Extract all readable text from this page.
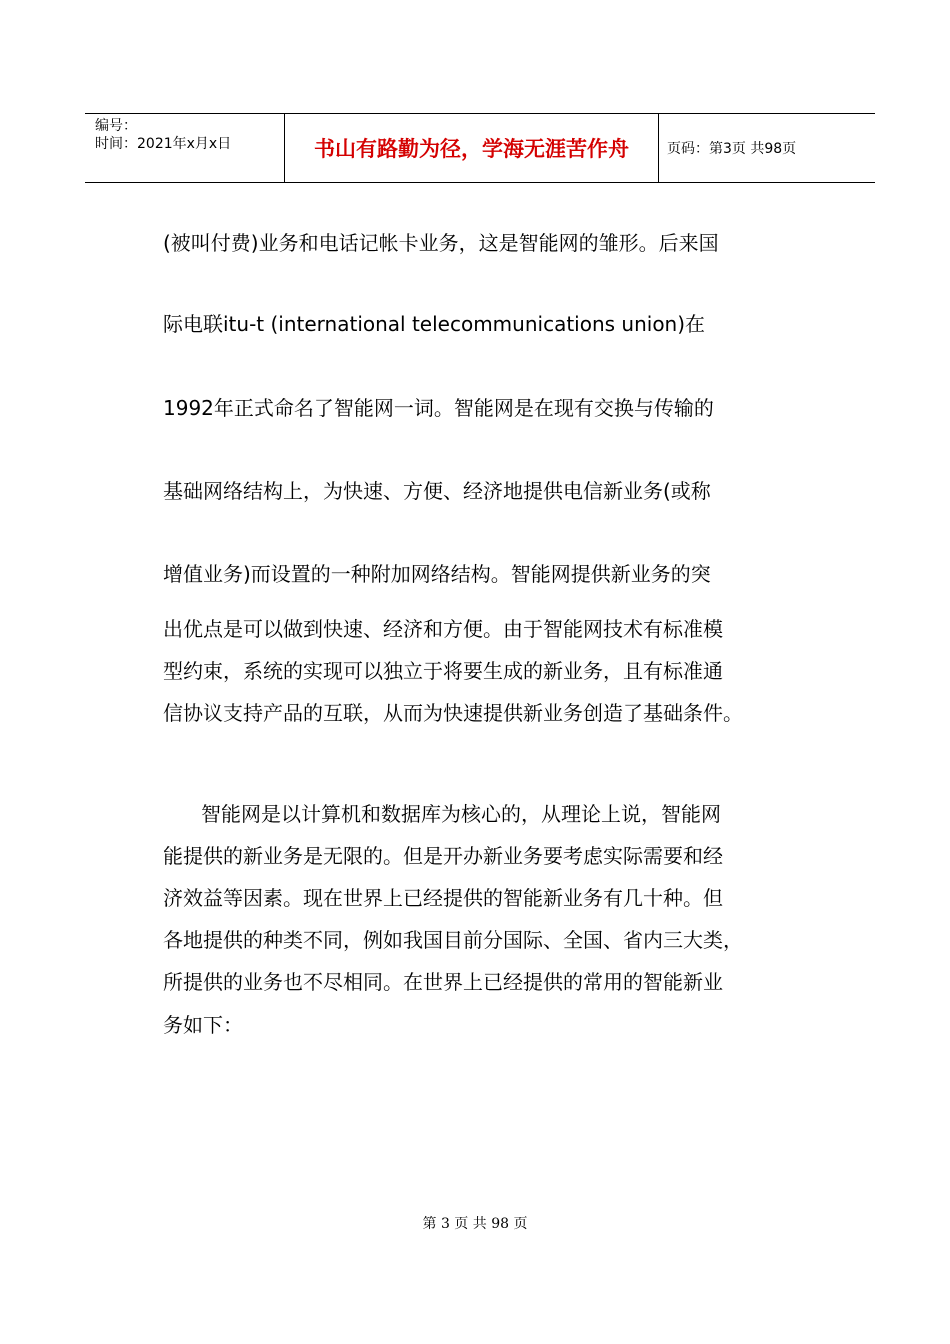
编号：
时间：2021年x月x日	书山有路勤为径，学海无涯苦作舟	页码：第3页 共98页
(被叫付费)业务和电话记帐卡业务，这是智能网的雏形。后来国
际电联itu-t (international telecommunications union)在
1992年正式命名了智能网一词。智能网是在现有交换与传输的
基础网络结构上，为快速、方便、经济地提供电信新业务(或称
增值业务)而设置的一种附加网络结构。智能网提供新业务的突
出优点是可以做到快速、经济和方便。由于智能网技术有标准模
型约束，系统的实现可以独立于将要生成的新业务，且有标准通
信协议支持产品的互联，从而为快速提供新业务创造了基础条件。
智能网是以计算机和数据库为核心的，从理论上说，智能网
能提供的新业务是无限的。但是开办新业务要考虑实际需要和经
济效益等因素。现在世界上已经提供的智能新业务有几十种。但
各地提供的种类不同，例如我国目前分国际、全国、省内三大类，
所提供的业务也不尽相同。在世界上已经提供的常用的智能新业
务如下：
第 3 页 共 98 页
